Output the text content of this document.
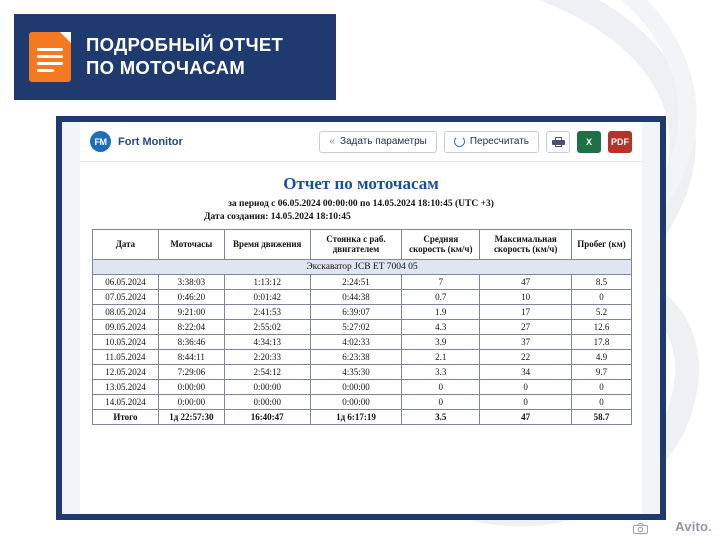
ПОДРОБНЫЙ ОТЧЕТ
ПО МОТОЧАСАМ
FM	Fort Monitor	« Задать параметры	Пересчитать	X PDF
Отчет по моточасам
за период с 06.05.2024 00:00:00 по 14.05.2024 18:10:45 (UTC +3)
Дата создания: 14.05.2024 18:10:45
Дата	Моточасы	Время движения	Стоянка с раб. двигателем	Средняя скорость (км/ч)	Максимальная скорость (км/ч)	Пробег (км)
Экскаватор JCB ET 7004 05						
06.05.2024	3:38:03	1:13:12	2:24:51	7	47	8.5
07.05.2024	0:46:20	0:01:42	0:44:38	0.7	10	0
08.05.2024	9:21:00	2:41:53	6:39:07	1.9	17	5.2
09.05.2024	8:22:04	2:55:02	5:27:02	4.3	27	12.6
10.05.2024	8:36:46	4:34:13	4:02:33	3.9	37	17.8
11.05.2024	8:44:11	2:20:33	6:23:38	2.1	22	4.9
12.05.2024	7:29:06	2:54:12	4:35:30	3.3	34	9.7
13.05.2024	0:00:00	0:00:00	0:00:00	0	0	0
14.05.2024	0:00:00	0:00:00	0:00:00	0	0	0
Итого	1д 22:57:30	16:40:47	1д 6:17:19	3.5	47	58.7
Avito.
